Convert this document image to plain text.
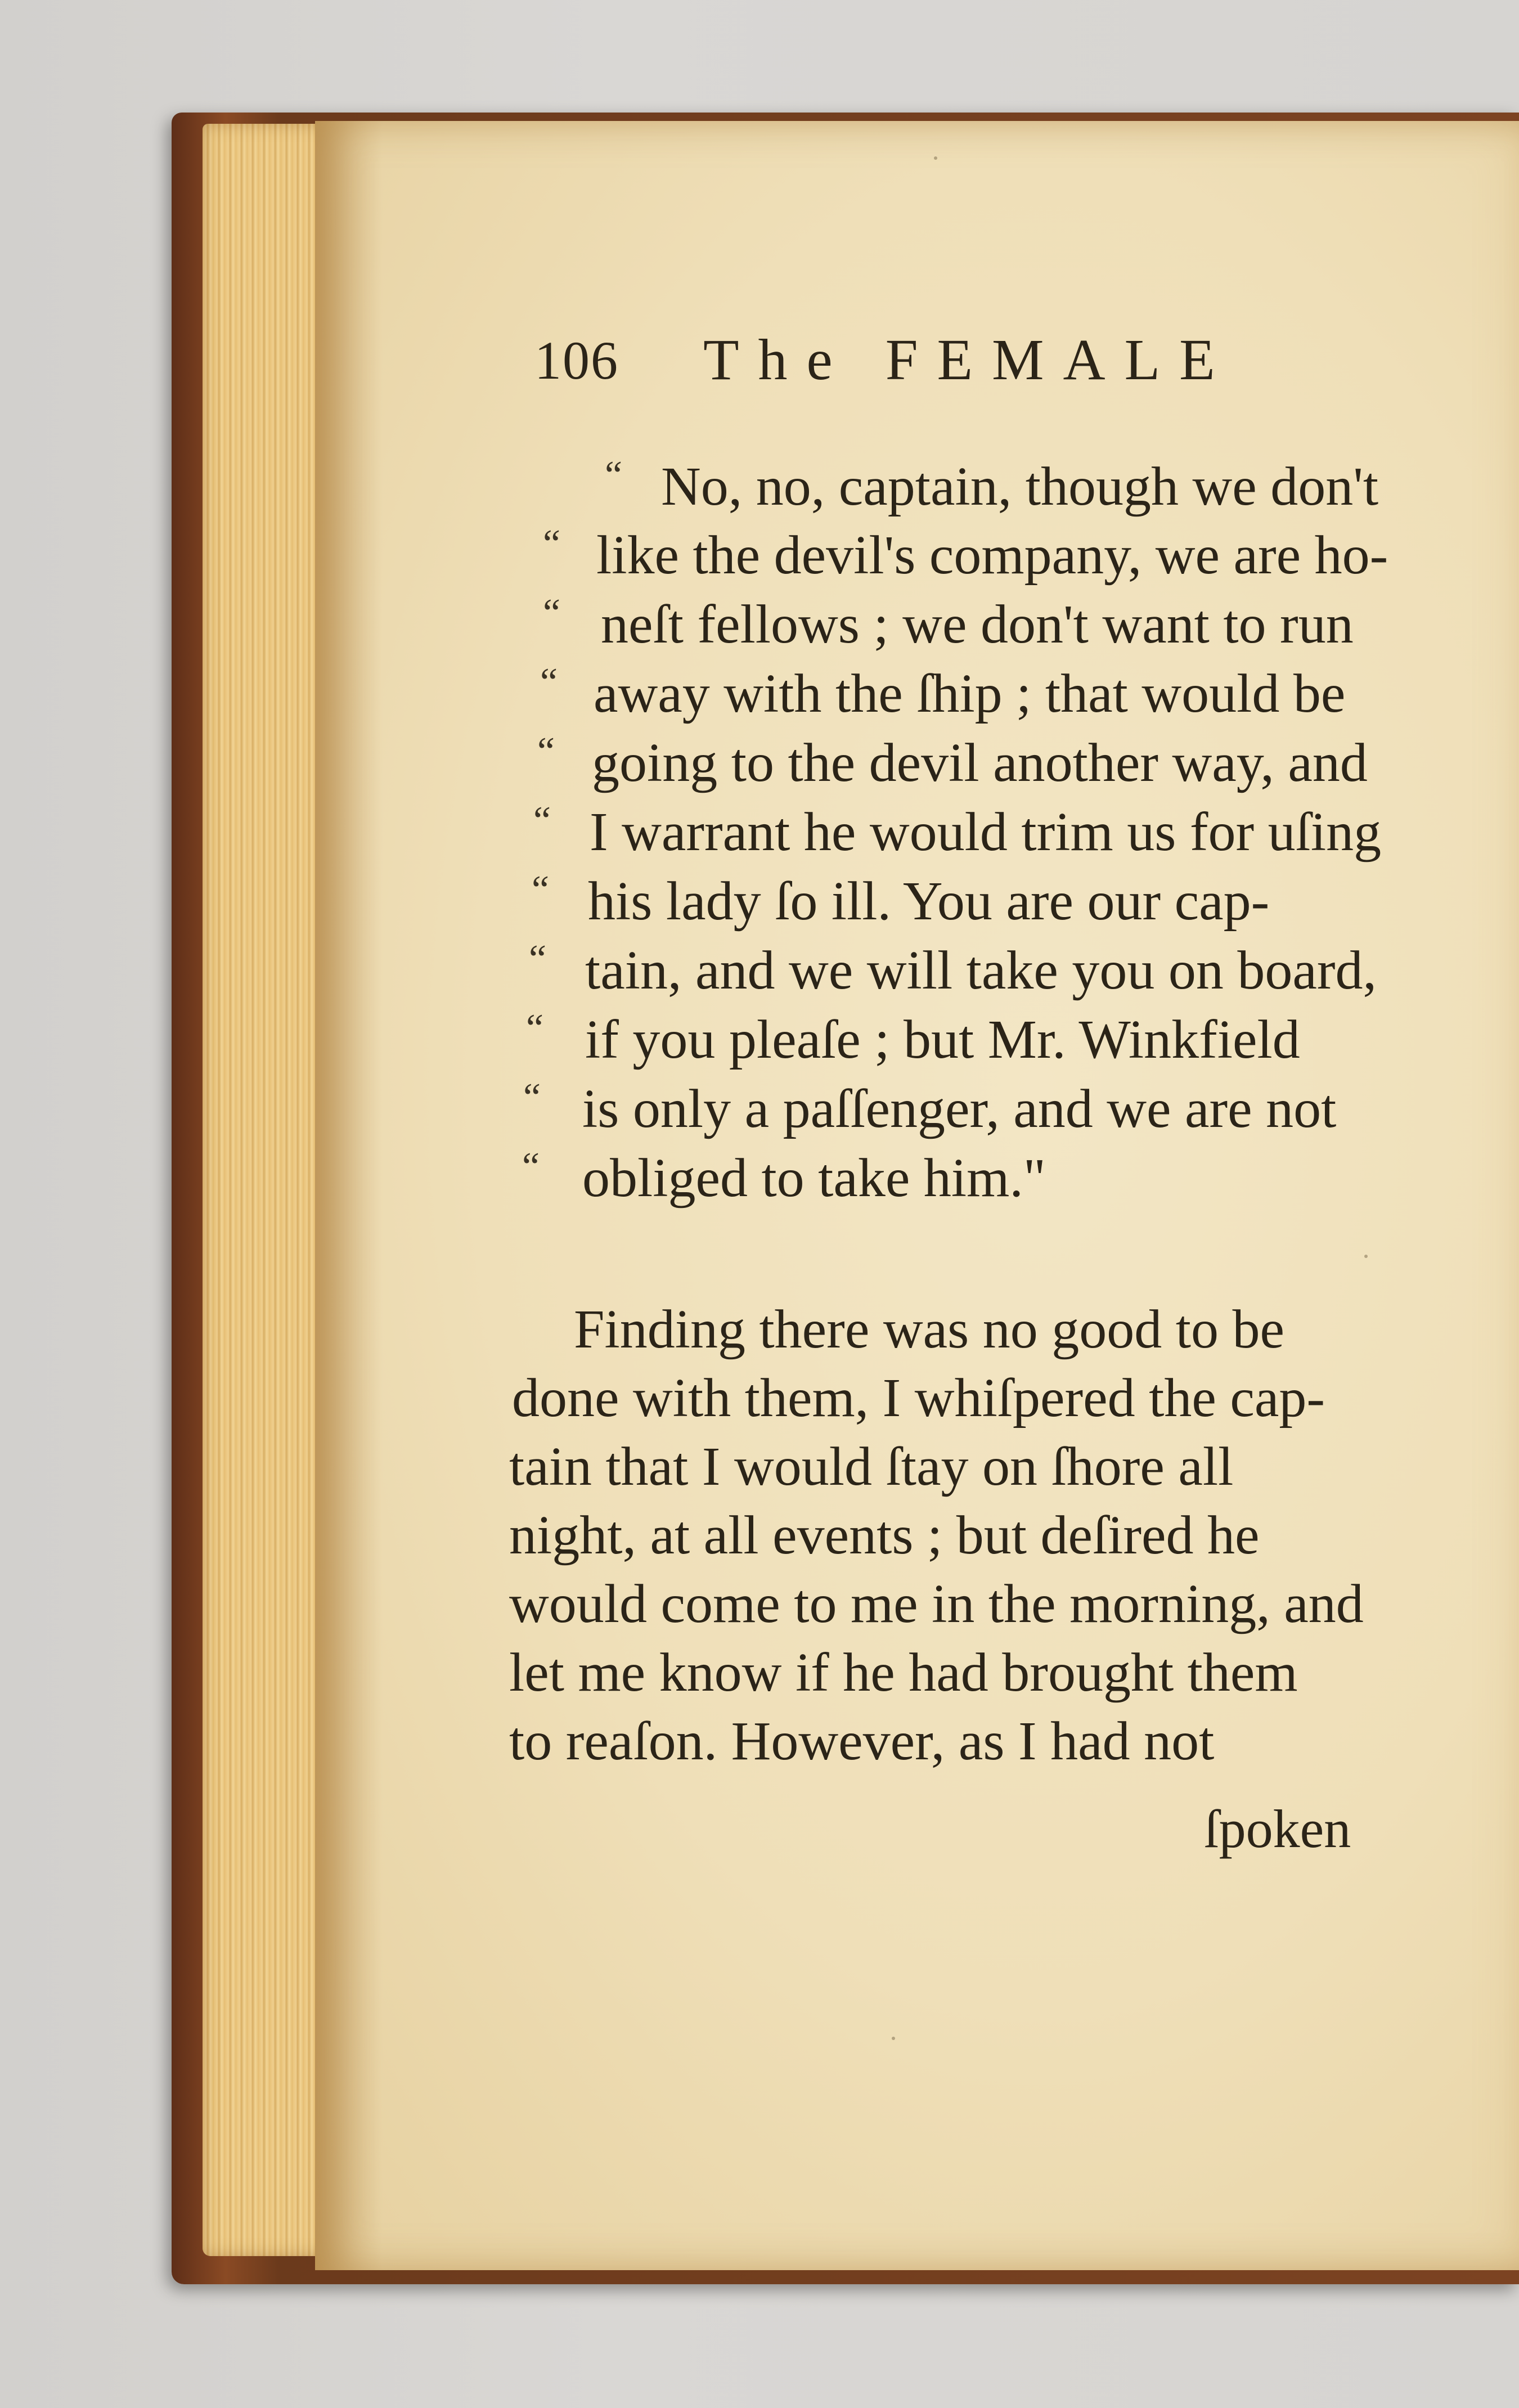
106 The FEMALE
“ No, no, captain, though we don't
“ like the devil's company, we are ho-
“ neſt fellows ; we don't want to run
“ away with the ſhip ; that would be
“ going to the devil another way, and
“ I warrant he would trim us for uſing
“ his lady ſo ill. You are our cap-
“ tain, and we will take you on board,
“ if you pleaſe ; but Mr. Winkfield
“ is only a paſſenger, and we are not
“ obliged to take him."
Finding there was no good to be
done with them, I whiſpered the cap-
tain that I would ſtay on ſhore all
night, at all events ; but deſired he
would come to me in the morning, and
let me know if he had brought them
to reaſon. However, as I had not
ſpoken
